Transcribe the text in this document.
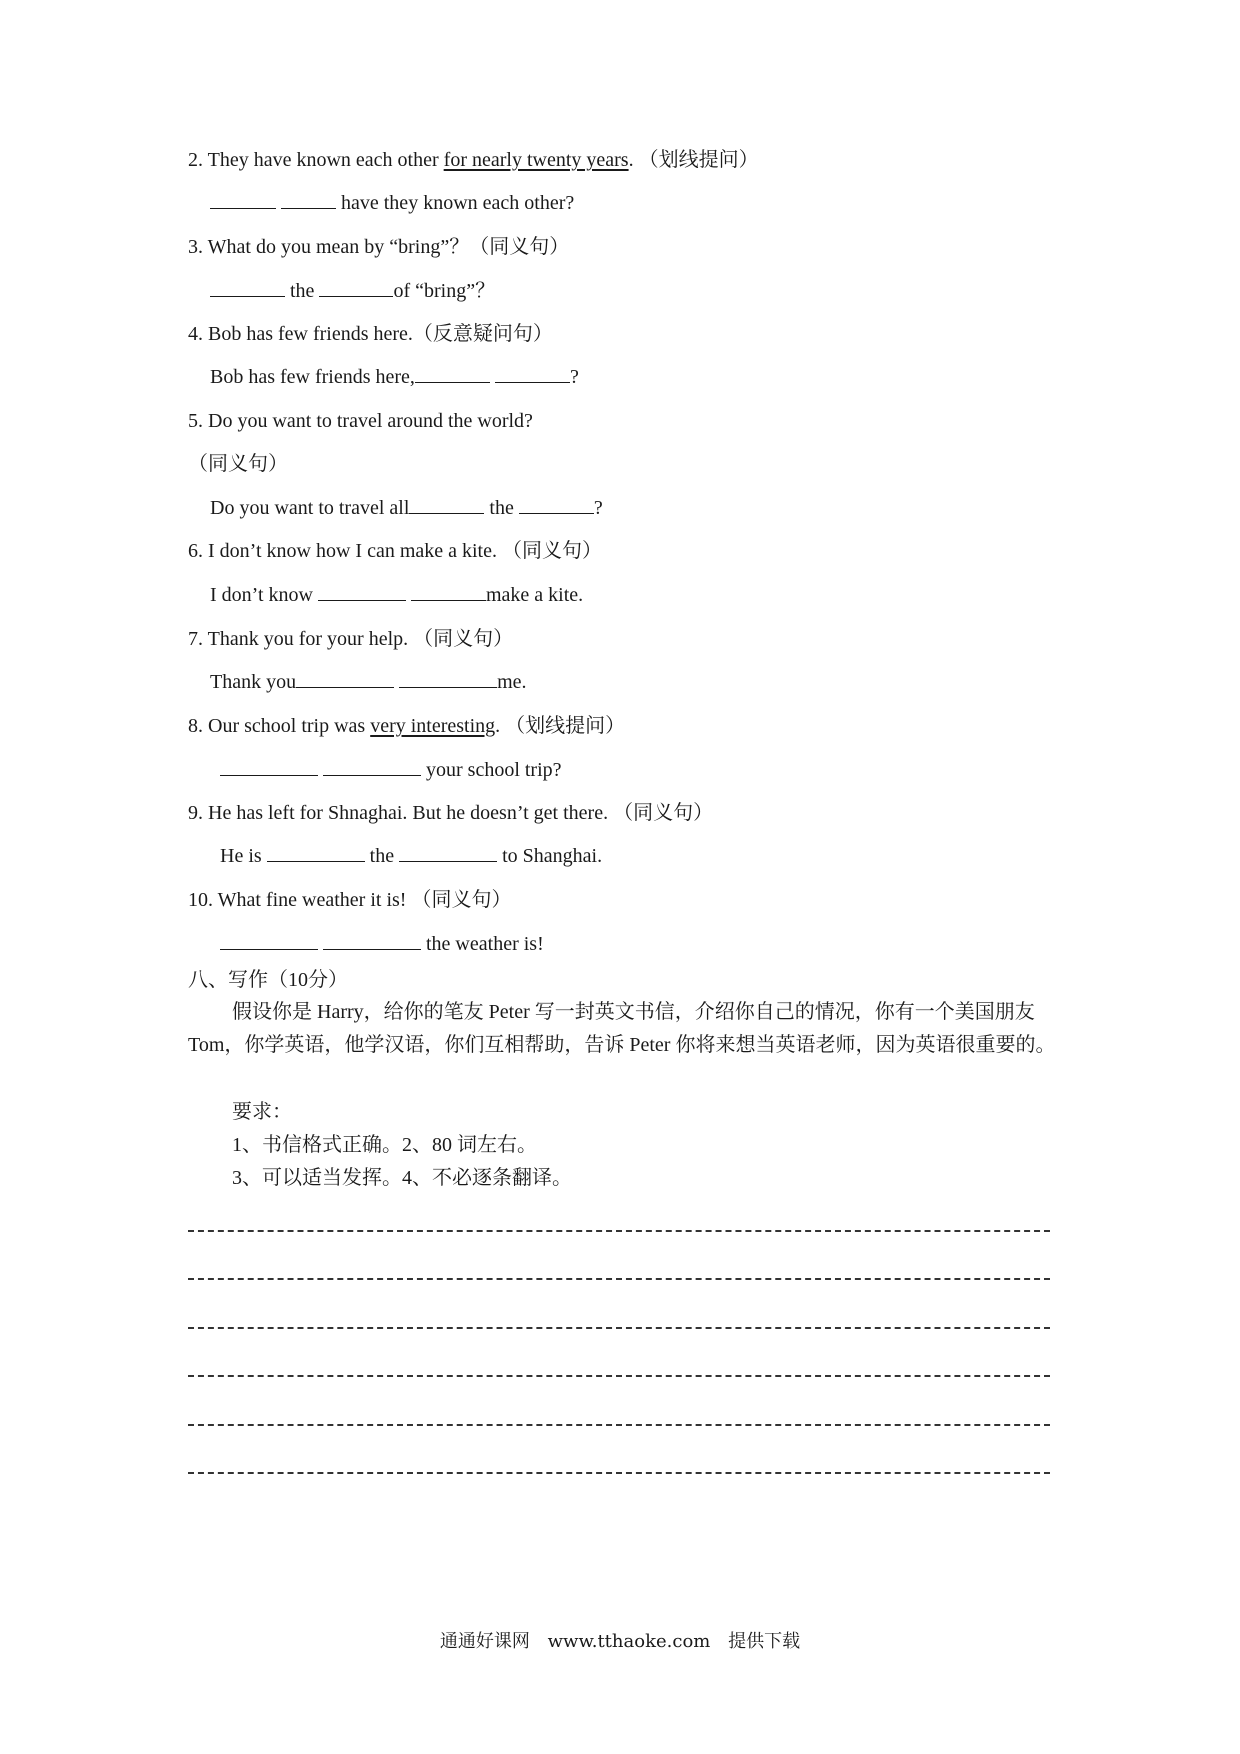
2. They have known each other for nearly twenty years. （划线提问）
have they known each other?
3. What do you mean by “bring”？（同义句）
the	of “bring”？
4. Bob has few friends here.（反意疑问句）
Bob has few friends here,	?
5. Do you want to travel around the world?
（同义句）
Do you want to travel all	the	?
6. I don’t know how I can make a kite. （同义句）
I don’t know	make a kite.
7. Thank you for your help. （同义句）
Thank you	me.
8. Our school trip was very interesting. （划线提问）
your school trip?
9. He has left for Shnaghai. But he doesn’t get there. （同义句）
He is	the	to Shanghai.
10. What fine weather it is! （同义句）
the weather is!
八、写作（10分）
假设你是 Harry，给你的笔友 Peter 写一封英文书信，介绍你自己的情况，你有一个美国朋友 Tom，你学英语，他学汉语，你们互相帮助，告诉 Peter 你将来想当英语老师，因为英语很重要的。
要求：
1、书信格式正确。2、80 词左右。
3、可以适当发挥。4、不必逐条翻译。
通通好课网 www.tthaoke.com 提供下载
